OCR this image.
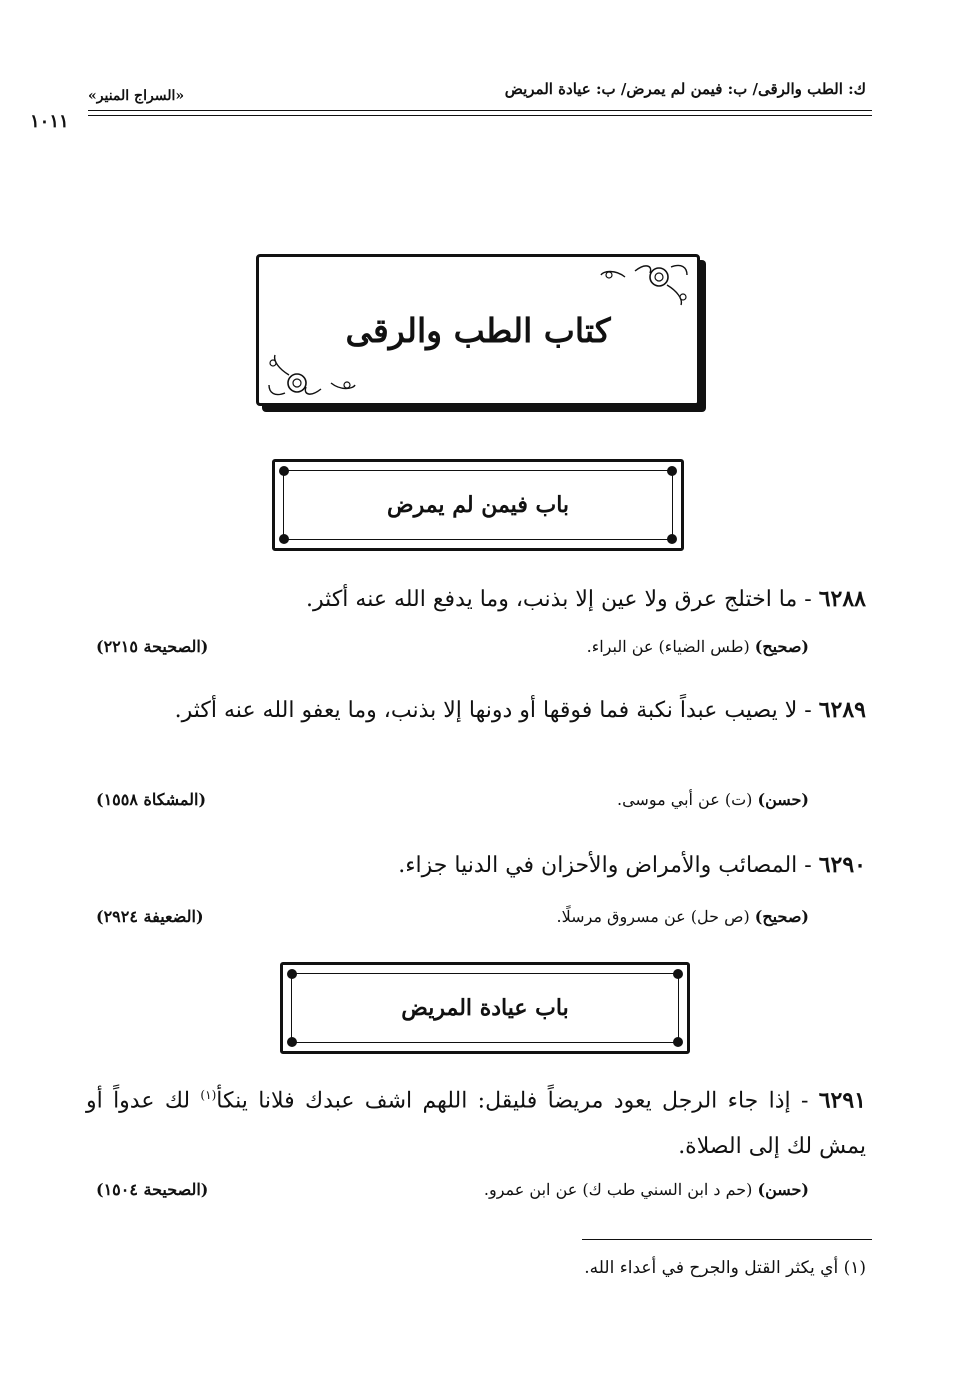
ك: الطب والرقى/ ب: فيمن لم يمرض/ ب: عيادة المريض
«السراج المنير»
١٠١١
كتاب الطب والرقى
باب فيمن لم يمرض
٦٢٨٨ - ما اختلج عرق ولا عين إلا بذنب، وما يدفع الله عنه أكثر.
(صحيح) (طس الضياء) عن البراء.
(الصحيحة ٢٢١٥)
٦٢٨٩ - لا يصيب عبداً نكبة فما فوقها أو دونها إلا بذنب، وما يعفو الله عنه أكثر.
(حسن) (ت) عن أبي موسى.
(المشكاة ١٥٥٨)
٦٢٩٠ - المصائب والأمراض والأحزان في الدنيا جزاء.
(صحيح) (ص حل) عن مسروق مرسلًا.
(الضعيفة ٢٩٢٤)
باب عيادة المريض
٦٢٩١ - إذا جاء الرجل يعود مريضاً فليقل: اللهم اشف عبدك فلانا ينكأ$^{(١)}$ لك عدواً أو يمش لك إلى الصلاة.
(حسن) (حم د ابن السني طب ك) عن ابن عمرو.
(الصحيحة ١٥٠٤)
(١) أي يكثر القتل والجرح في أعداء الله.
